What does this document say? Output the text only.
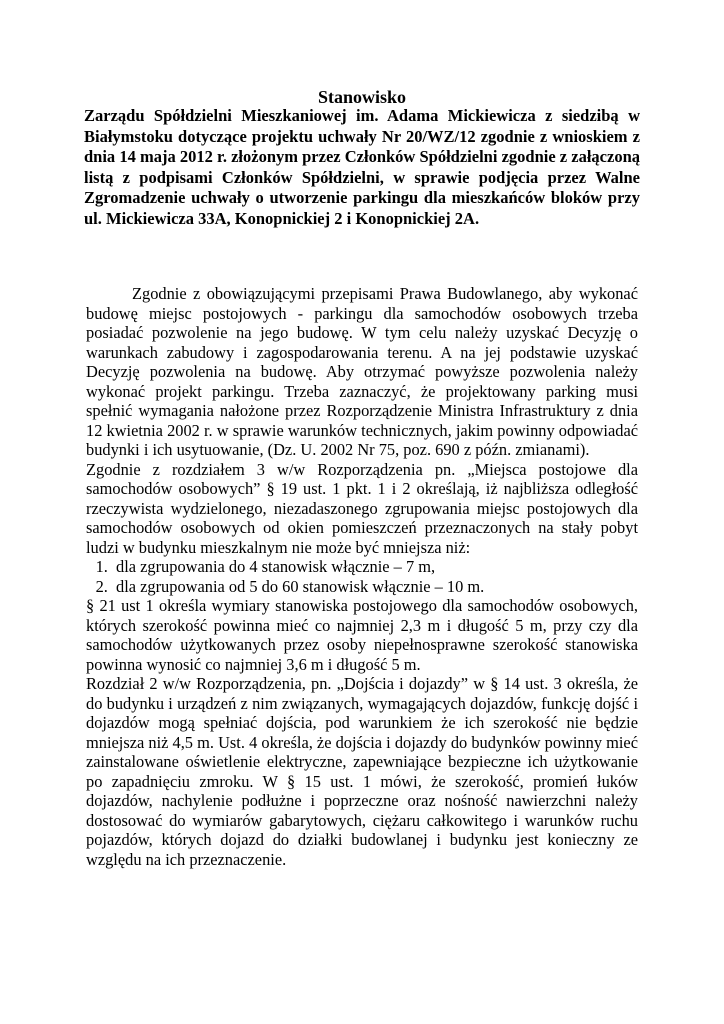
Stanowisko
Zarządu Spółdzielni Mieszkaniowej im. Adama Mickiewicza z siedzibą w Białymstoku dotyczące projektu uchwały Nr 20/WZ/12 zgodnie z wnioskiem z dnia 14 maja 2012 r. złożonym przez Członków Spółdzielni zgodnie z załączoną listą z podpisami Członków Spółdzielni, w sprawie podjęcia przez Walne Zgromadzenie uchwały o utworzenie parkingu dla mieszkańców bloków przy ul. Mickiewicza 33A, Konopnickiej 2 i Konopnickiej 2A.

Zgodnie z obowiązującymi przepisami Prawa Budowlanego, aby wykonać budowę miejsc postojowych - parkingu dla samochodów osobowych trzeba posiadać pozwolenie na jego budowę. W tym celu należy uzyskać Decyzję o warunkach zabudowy i zagospodarowania terenu. A na jej podstawie uzyskać Decyzję pozwolenia na budowę. Aby otrzymać powyższe pozwolenia należy wykonać projekt parkingu. Trzeba zaznaczyć, że projektowany parking musi spełnić wymagania nałożone przez Rozporządzenie Ministra Infrastruktury z dnia 12 kwietnia 2002 r. w sprawie warunków technicznych, jakim powinny odpowiadać budynki i ich usytuowanie, (Dz. U. 2002 Nr 75, poz. 690 z późn. zmianami).

Zgodnie z rozdziałem 3 w/w Rozporządzenia pn. „Miejsca postojowe dla samochodów osobowych” § 19 ust. 1 pkt. 1 i 2 określają, iż najbliższa odległość rzeczywista wydzielonego, niezadaszonego zgrupowania miejsc postojowych dla samochodów osobowych od okien pomieszczeń przeznaczonych na stały pobyt ludzi w budynku mieszkalnym nie może być mniejsza niż:

1. dla zgrupowania do 4 stanowisk włącznie – 7 m,
2. dla zgrupowania od 5 do 60 stanowisk włącznie – 10 m.

§ 21 ust 1 określa wymiary stanowiska postojowego dla samochodów osobowych, których szerokość powinna mieć co najmniej 2,3 m i długość 5 m, przy czy dla samochodów użytkowanych przez osoby niepełnosprawne szerokość stanowiska powinna wynosić co najmniej 3,6 m i długość 5 m.

Rozdział 2 w/w Rozporządzenia, pn. „Dojścia i dojazdy” w § 14 ust. 3 określa, że do budynku i urządzeń z nim związanych, wymagających dojazdów, funkcję dojść i dojazdów mogą spełniać dojścia, pod warunkiem że ich szerokość nie będzie mniejsza niż 4,5 m. Ust. 4 określa, że dojścia i dojazdy do budynków powinny mieć zainstalowane oświetlenie elektryczne, zapewniające bezpieczne ich użytkowanie po zapadnięciu zmroku. W § 15 ust. 1 mówi, że szerokość, promień łuków dojazdów, nachylenie podłużne i poprzeczne oraz nośność nawierzchni należy dostosować do wymiarów gabarytowych, ciężaru całkowitego i warunków ruchu pojazdów, których dojazd do działki budowlanej i budynku jest konieczny ze względu na ich przeznaczenie.
